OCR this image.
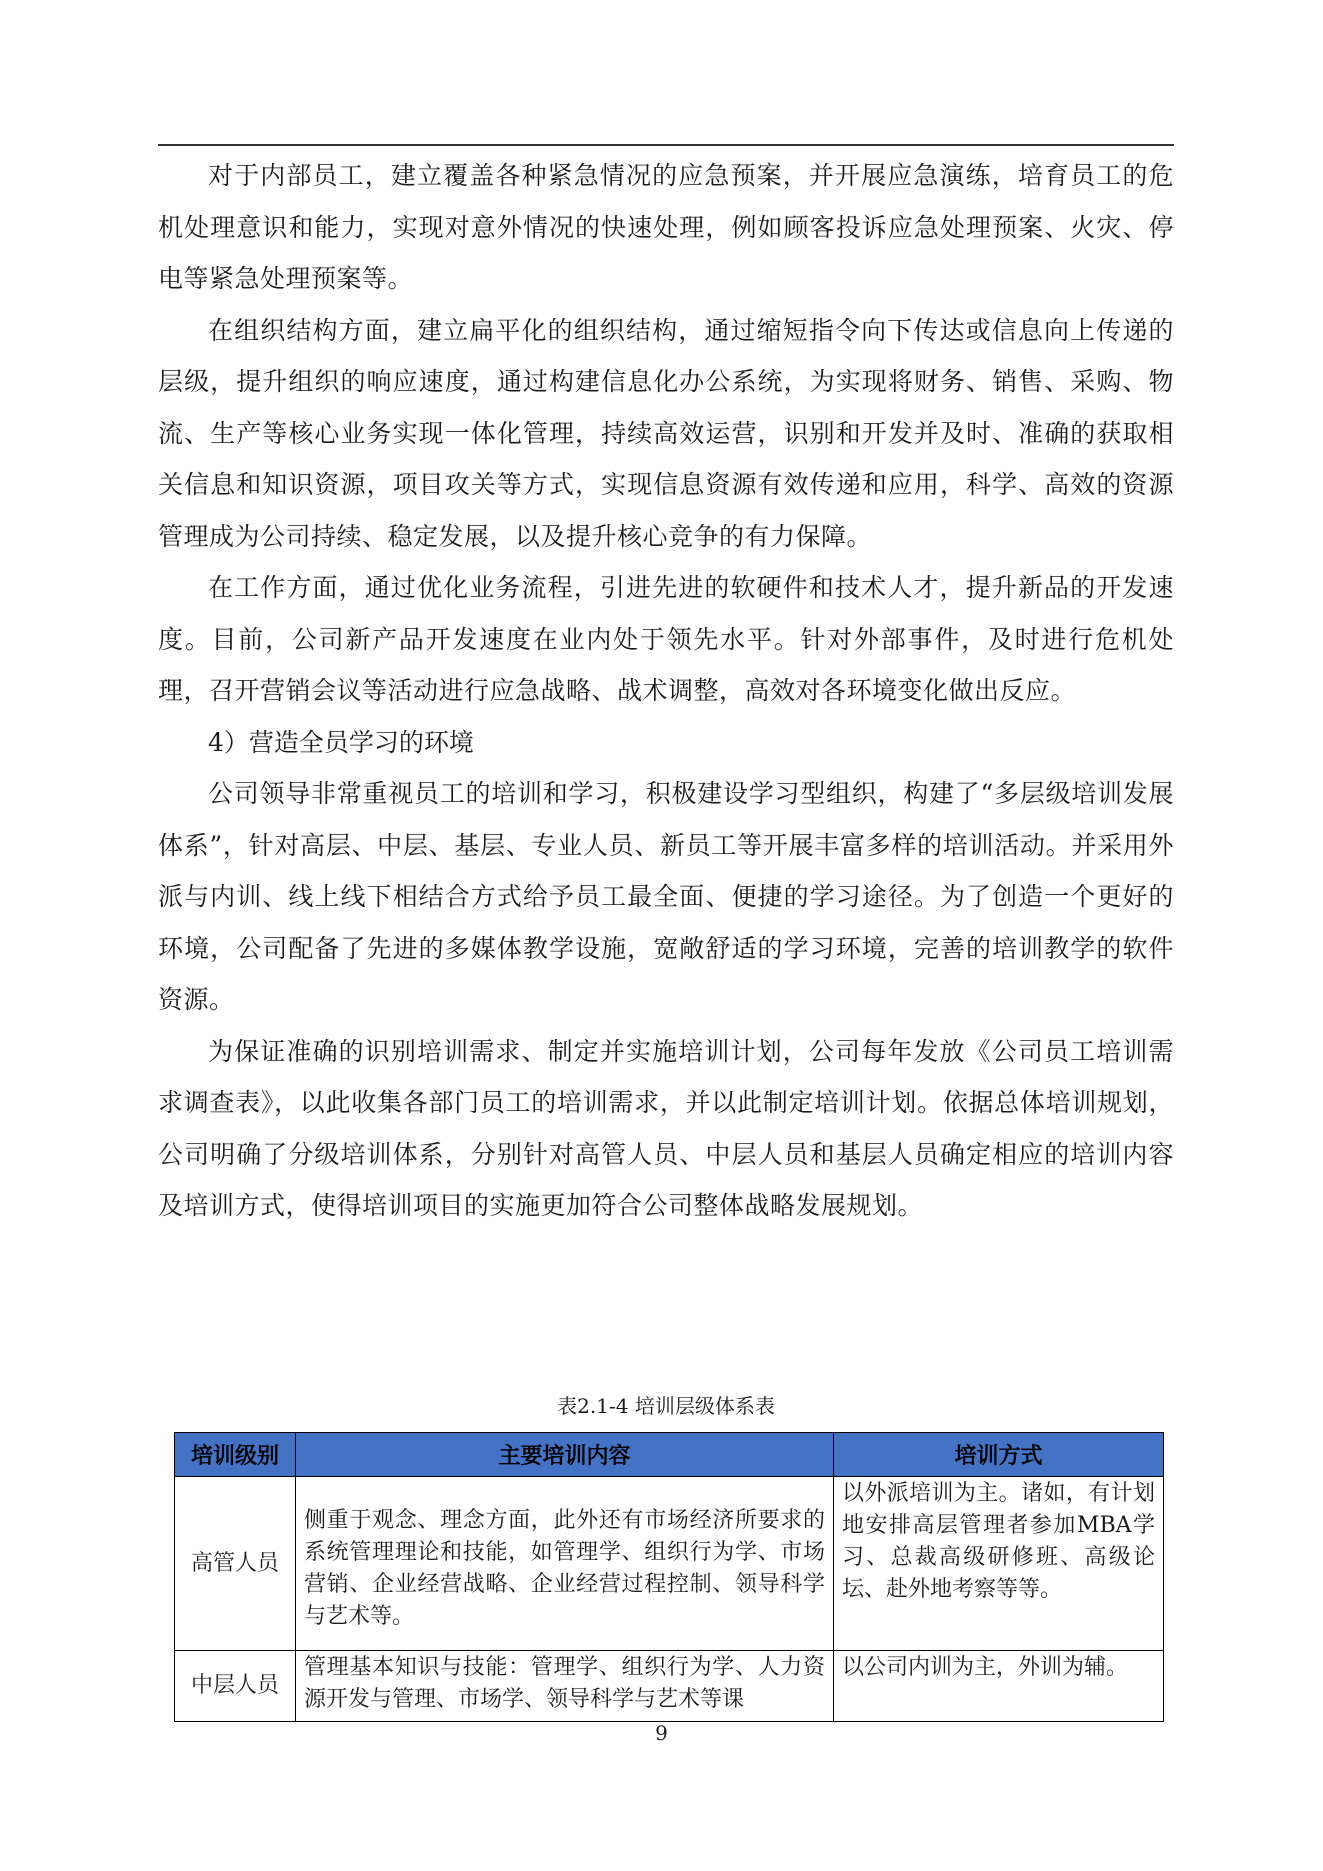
对于内部员工，建立覆盖各种紧急情况的应急预案，并开展应急演练，培育员工的危机处理意识和能力，实现对意外情况的快速处理，例如顾客投诉应急处理预案、火灾、停电等紧急处理预案等。

在组织结构方面，建立扁平化的组织结构，通过缩短指令向下传达或信息向上传递的层级，提升组织的响应速度，通过构建信息化办公系统，为实现将财务、销售、采购、物流、生产等核心业务实现一体化管理，持续高效运营，识别和开发并及时、准确的获取相关信息和知识资源，项目攻关等方式，实现信息资源有效传递和应用，科学、高效的资源管理成为公司持续、稳定发展，以及提升核心竞争的有力保障。

在工作方面，通过优化业务流程，引进先进的软硬件和技术人才，提升新品的开发速度。目前，公司新产品开发速度在业内处于领先水平。针对外部事件，及时进行危机处理，召开营销会议等活动进行应急战略、战术调整，高效对各环境变化做出反应。

4）营造全员学习的环境

公司领导非常重视员工的培训和学习，积极建设学习型组织，构建了“多层级培训发展体系”，针对高层、中层、基层、专业人员、新员工等开展丰富多样的培训活动。并采用外派与内训、线上线下相结合方式给予员工最全面、便捷的学习途径。为了创造一个更好的环境，公司配备了先进的多媒体教学设施，宽敞舒适的学习环境，完善的培训教学的软件资源。

为保证准确的识别培训需求、制定并实施培训计划，公司每年发放《公司员工培训需求调查表》，以此收集各部门员工的培训需求，并以此制定培训计划。依据总体培训规划，公司明确了分级培训体系，分别针对高管人员、中层人员和基层人员确定相应的培训内容及培训方式，使得培训项目的实施更加符合公司整体战略发展规划。

表2.1-4 培训层级体系表
培训级别	主要培训内容	培训方式
高管人员	侧重于观念、理念方面，此外还有市场经济所要求的系统管理理论和技能，如管理学、组织行为学、市场营销、企业经营战略、企业经营过程控制、领导科学与艺术等。	以外派培训为主。诸如，有计划地安排高层管理者参加MBA学习、总裁高级研修班、高级论坛、赴外地考察等等。
中层人员	管理基本知识与技能：管理学、组织行为学、人力资源开发与管理、市场学、领导科学与艺术等课	以公司内训为主，外训为辅。
9
